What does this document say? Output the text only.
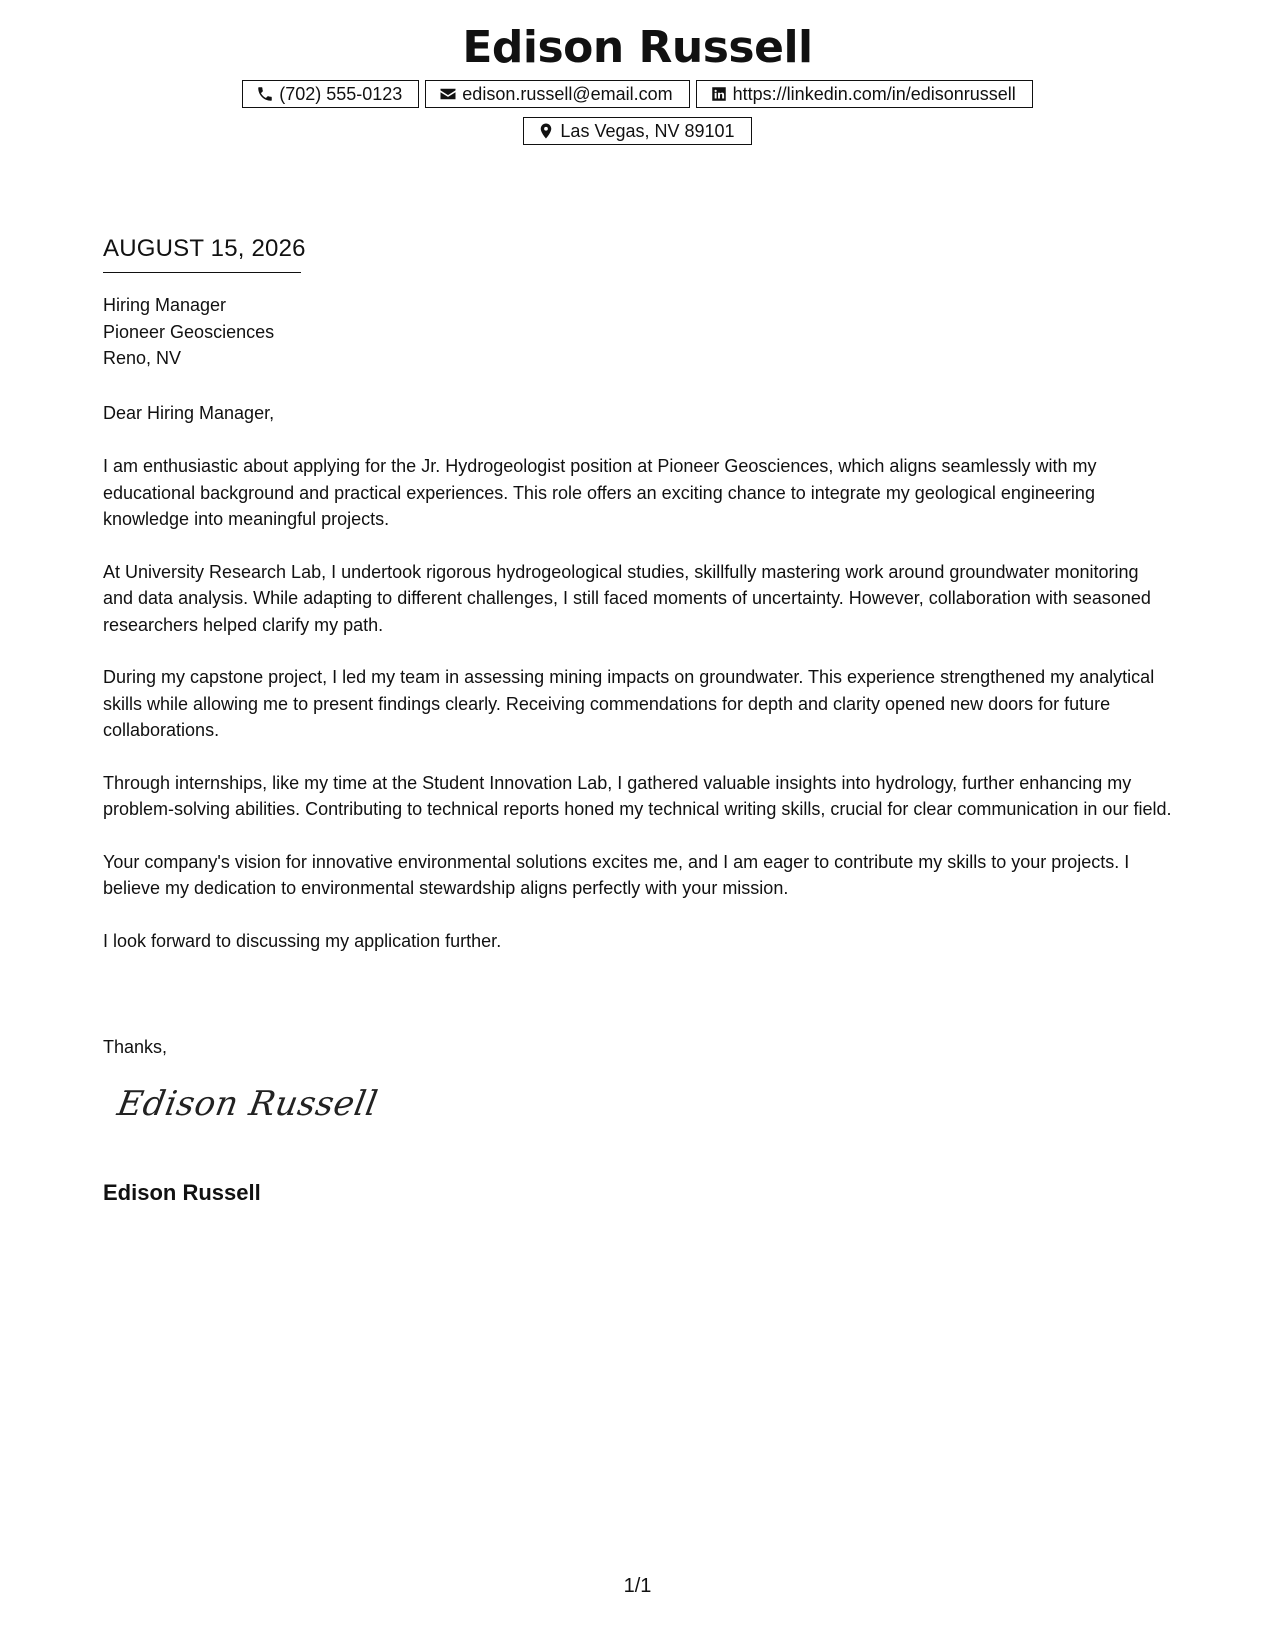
Edison Russell
(702) 555-0123	edison.russell@email.com	https://linkedin.com/in/edisonrussell
Las Vegas, NV 89101
AUGUST 15, 2026
Hiring Manager
Pioneer Geosciences
Reno, NV
Dear Hiring Manager,

I am enthusiastic about applying for the Jr. Hydrogeologist position at Pioneer Geosciences, which aligns seamlessly with my educational background and practical experiences. This role offers an exciting chance to integrate my geological engineering knowledge into meaningful projects.

At University Research Lab, I undertook rigorous hydrogeological studies, skillfully mastering work around groundwater monitoring and data analysis. While adapting to different challenges, I still faced moments of uncertainty. However, collaboration with seasoned researchers helped clarify my path.

During my capstone project, I led my team in assessing mining impacts on groundwater. This experience strengthened my analytical skills while allowing me to present findings clearly. Receiving commendations for depth and clarity opened new doors for future collaborations.

Through internships, like my time at the Student Innovation Lab, I gathered valuable insights into hydrology, further enhancing my problem-solving abilities. Contributing to technical reports honed my technical writing skills, crucial for clear communication in our field.

Your company's vision for innovative environmental solutions excites me, and I am eager to contribute my skills to your projects. I believe my dedication to environmental stewardship aligns perfectly with your mission.

I look forward to discussing my application further.

Thanks,
Edison Russell
Edison Russell
1/1
